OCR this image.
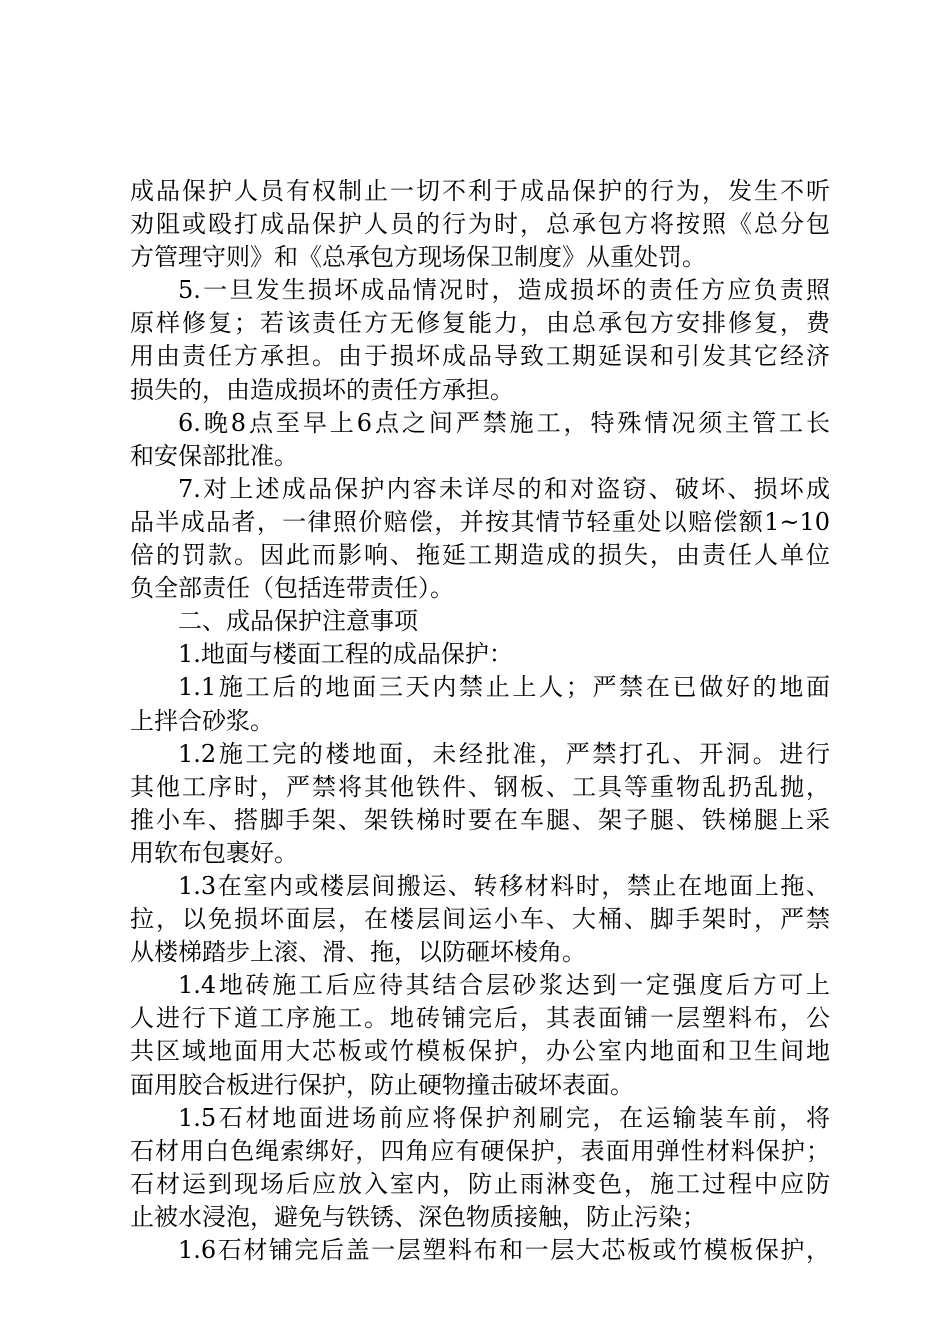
成品保护人员有权制止一切不利于成品保护的行为，发生不听
劝阻或殴打成品保护人员的行为时，总承包方将按照《总分包
方管理守则》和《总承包方现场保卫制度》从重处罚。
5.一旦发生损坏成品情况时，造成损坏的责任方应负责照
原样修复；若该责任方无修复能力，由总承包方安排修复，费
用由责任方承担。由于损坏成品导致工期延误和引发其它经济
损失的，由造成损坏的责任方承担。
6.晚8点至早上6点之间严禁施工，特殊情况须主管工长
和安保部批准。
7.对上述成品保护内容未详尽的和对盗窃、破坏、损坏成
品半成品者，一律照价赔偿，并按其情节轻重处以赔偿额1~10
倍的罚款。因此而影响、拖延工期造成的损失，由责任人单位
负全部责任（包括连带责任）。
二、成品保护注意事项
1.地面与楼面工程的成品保护：
1.1施工后的地面三天内禁止上人；严禁在已做好的地面
上拌合砂浆。
1.2施工完的楼地面，未经批准，严禁打孔、开洞。进行
其他工序时，严禁将其他铁件、钢板、工具等重物乱扔乱抛，
推小车、搭脚手架、架铁梯时要在车腿、架子腿、铁梯腿上采
用软布包裹好。
1.3在室内或楼层间搬运、转移材料时，禁止在地面上拖、
拉，以免损坏面层，在楼层间运小车、大桶、脚手架时，严禁
从楼梯踏步上滚、滑、拖，以防砸坏棱角。
1.4地砖施工后应待其结合层砂浆达到一定强度后方可上
人进行下道工序施工。地砖铺完后，其表面铺一层塑料布，公
共区域地面用大芯板或竹模板保护，办公室内地面和卫生间地
面用胶合板进行保护，防止硬物撞击破坏表面。
1.5石材地面进场前应将保护剂刷完，在运输装车前，将
石材用白色绳索绑好，四角应有硬保护，表面用弹性材料保护；
石材运到现场后应放入室内，防止雨淋变色，施工过程中应防
止被水浸泡，避免与铁锈、深色物质接触，防止污染；
1.6石材铺完后盖一层塑料布和一层大芯板或竹模板保护，
